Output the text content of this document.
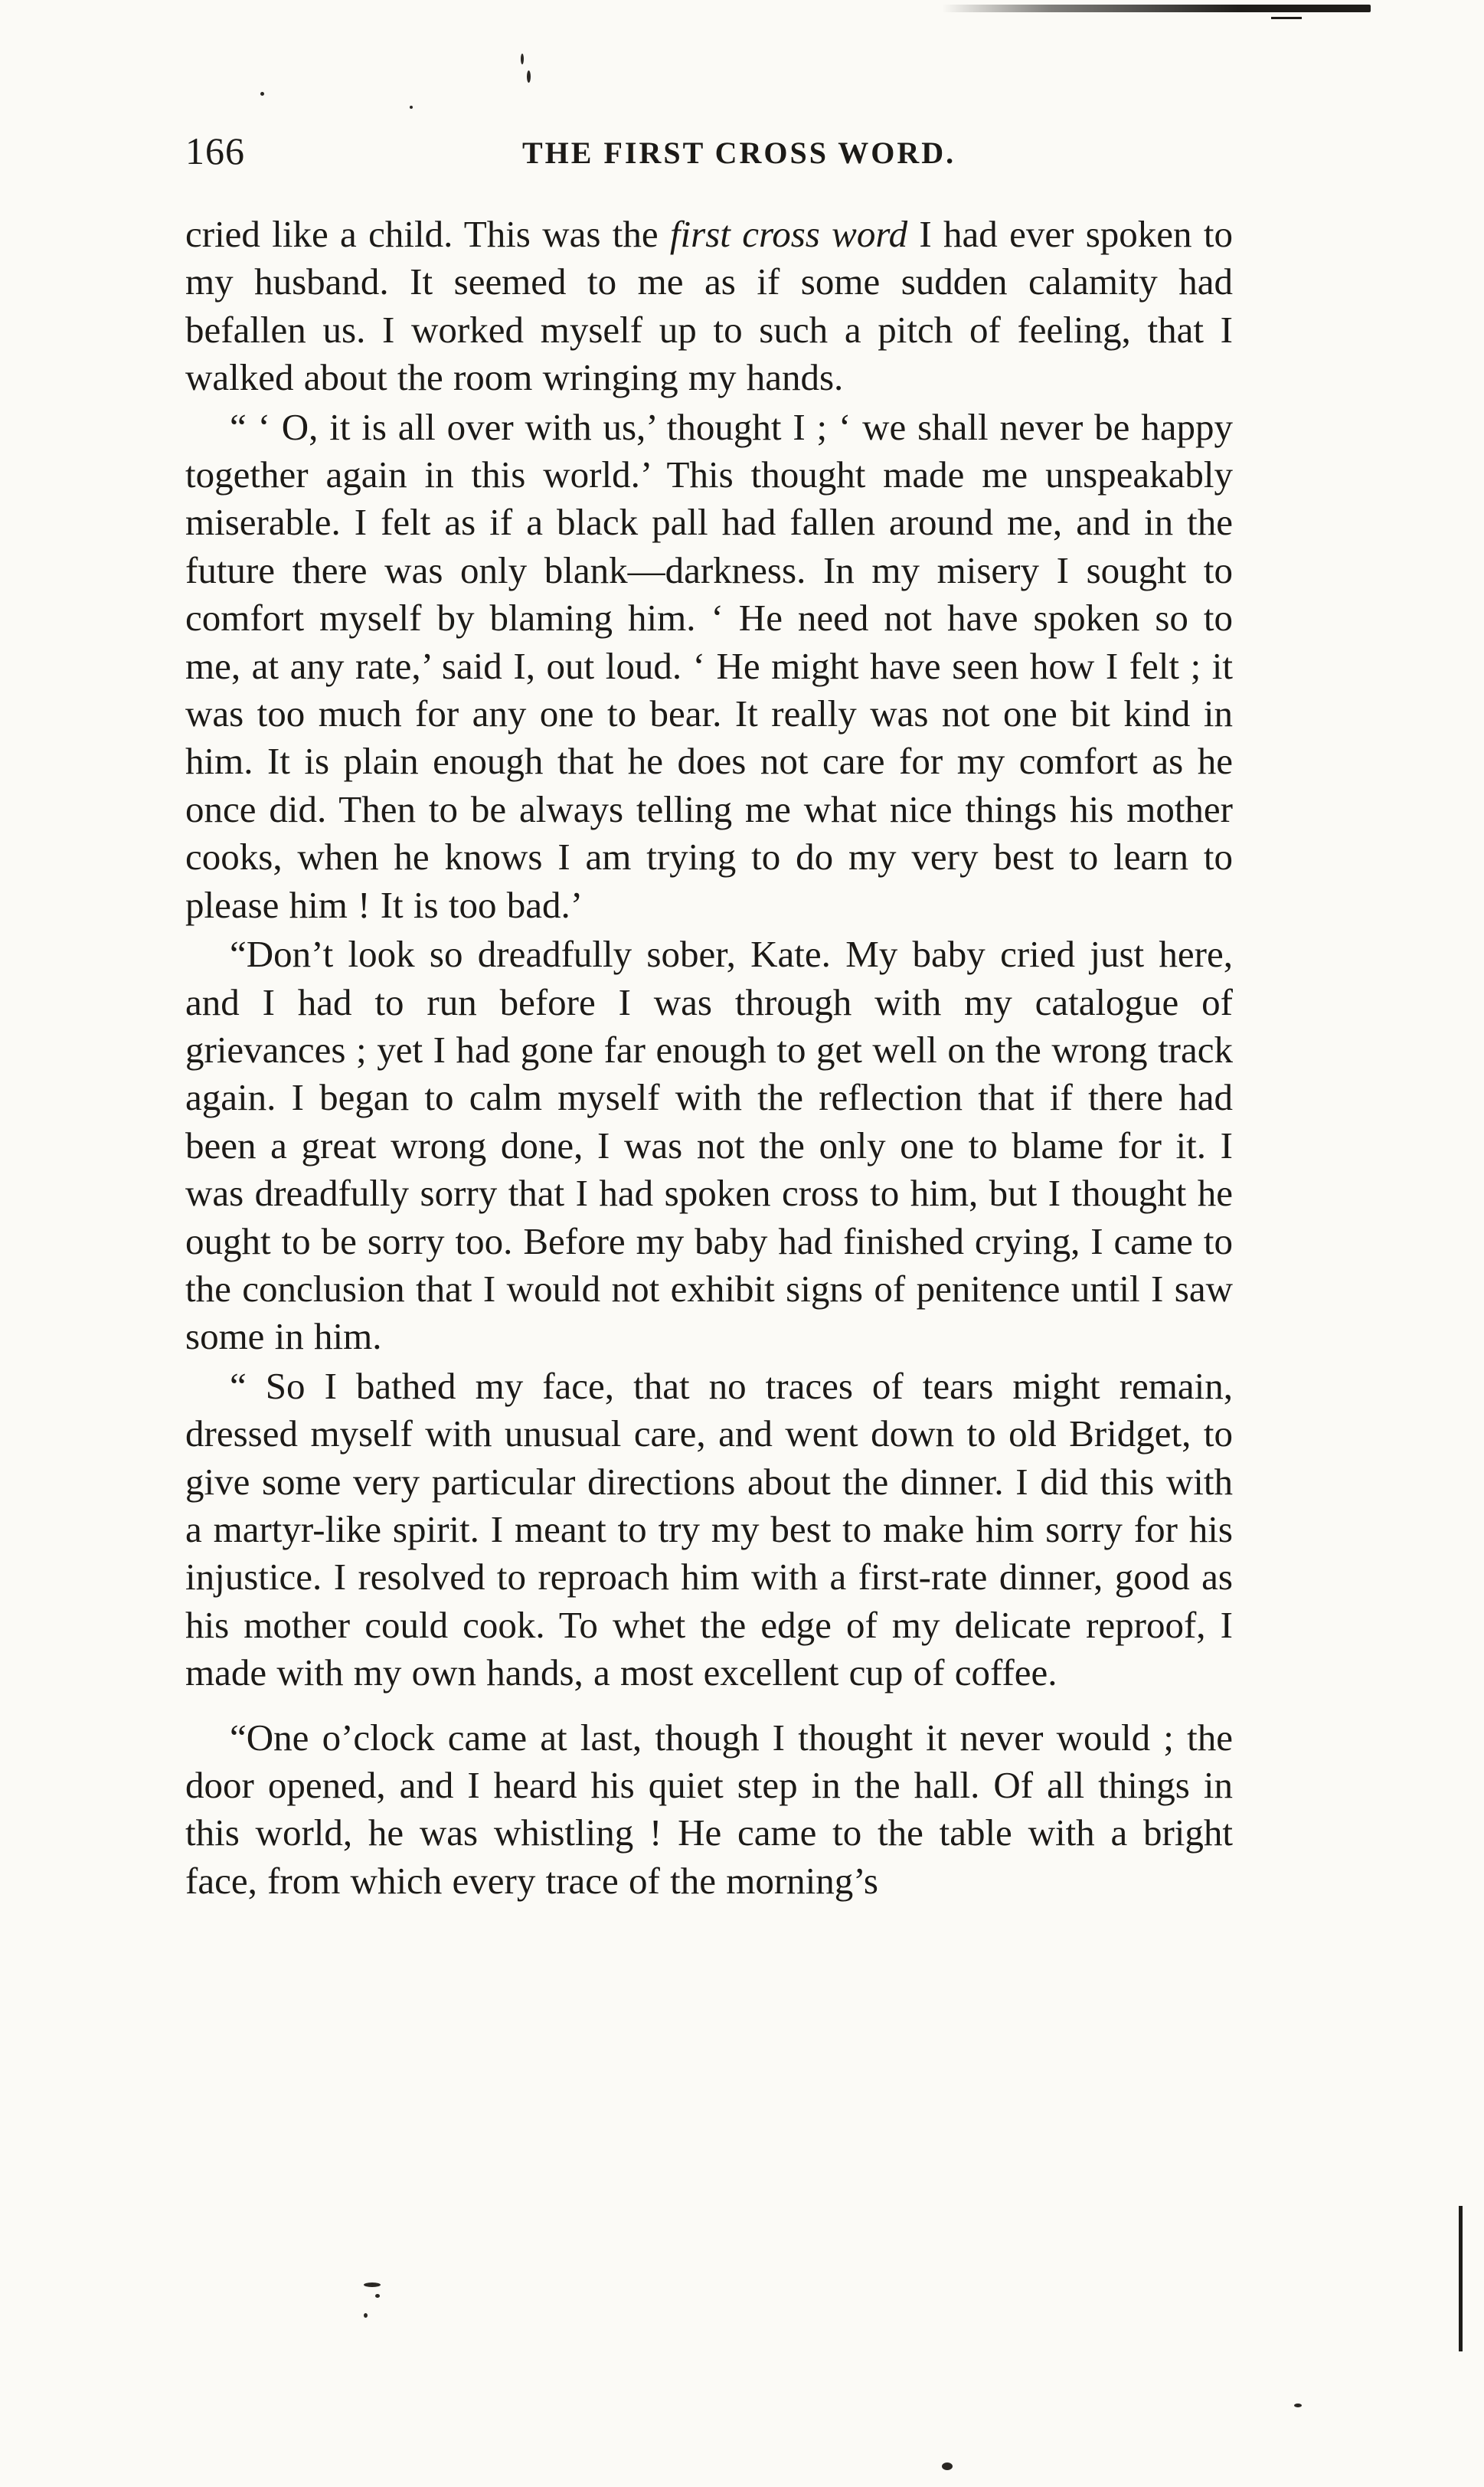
166	THE FIRST CROSS WORD.

cried like a child. This was the first cross word I had ever spoken to my husband. It seemed to me as if some sudden calamity had befallen us. I worked myself up to such a pitch of feeling, that I walked about the room wringing my hands.

“ ‘ O, it is all over with us,’ thought I ; ‘ we shall never be happy together again in this world.’ This thought made me unspeakably miserable. I felt as if a black pall had fallen around me, and in the future there was only blank—darkness. In my misery I sought to comfort myself by blaming him. ‘ He need not have spoken so to me, at any rate,’ said I, out loud. ‘ He might have seen how I felt ; it was too much for any one to bear. It really was not one bit kind in him. It is plain enough that he does not care for my comfort as he once did. Then to be always telling me what nice things his mother cooks, when he knows I am trying to do my very best to learn to please him ! It is too bad.’

“Don’t look so dreadfully sober, Kate. My baby cried just here, and I had to run before I was through with my catalogue of grievances ; yet I had gone far enough to get well on the wrong track again. I began to calm myself with the reflection that if there had been a great wrong done, I was not the only one to blame for it. I was dreadfully sorry that I had spoken cross to him, but I thought he ought to be sorry too. Before my baby had finished crying, I came to the conclusion that I would not exhibit signs of penitence until I saw some in him.

“ So I bathed my face, that no traces of tears might remain, dressed myself with unusual care, and went down to old Bridget, to give some very particular directions about the dinner. I did this with a martyr-like spirit. I meant to try my best to make him sorry for his injustice. I resolved to reproach him with a first-rate dinner, good as his mother could cook. To whet the edge of my delicate reproof, I made with my own hands, a most excellent cup of coffee.

“One o’clock came at last, though I thought it never would ; the door opened, and I heard his quiet step in the hall. Of all things in this world, he was whistling ! He came to the table with a bright face, from which every trace of the morning’s
